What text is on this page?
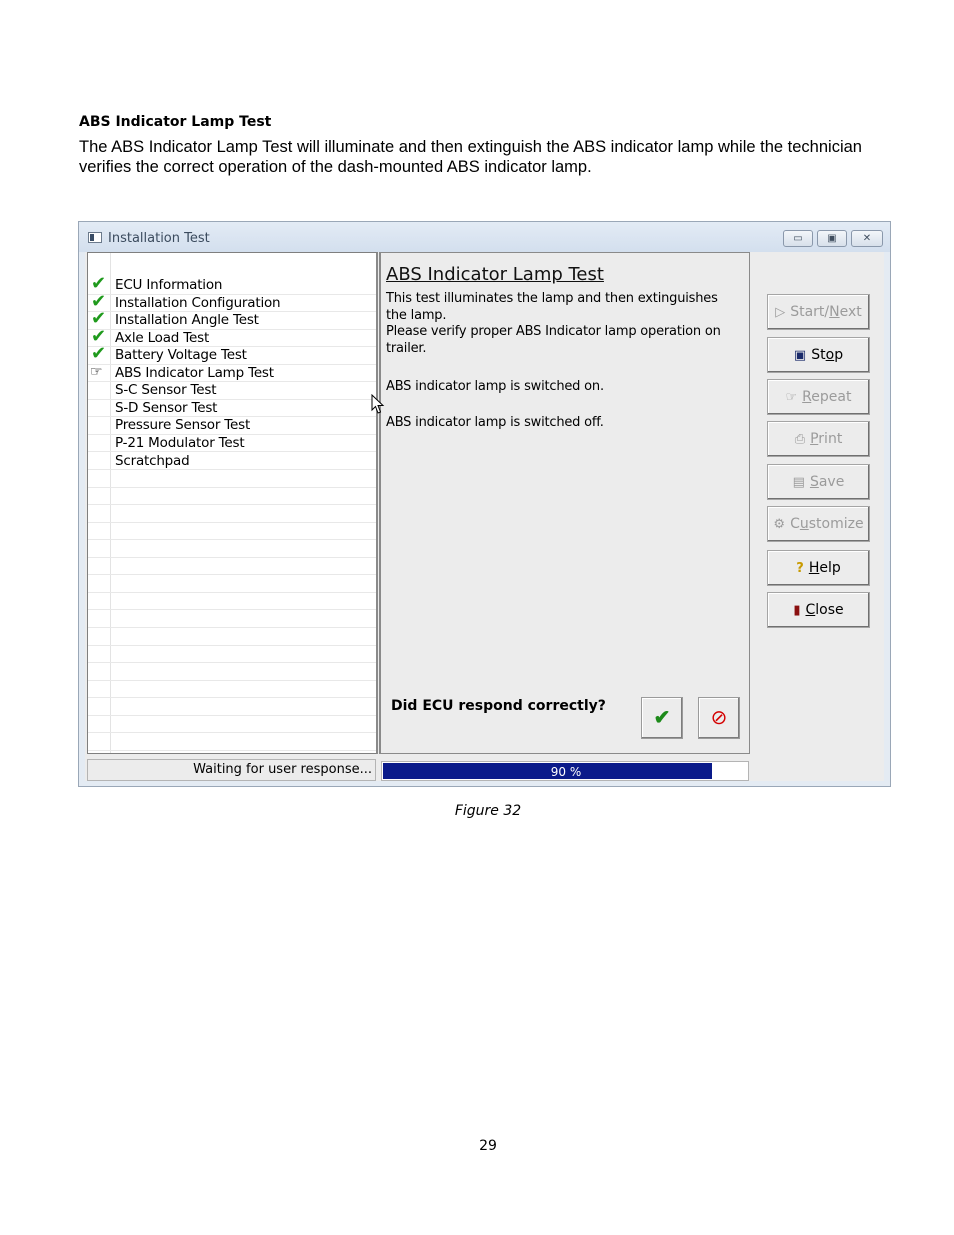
ABS Indicator Lamp Test
The ABS Indicator Lamp Test will illuminate and then extinguish the ABS indicator lamp while the technician verifies the correct operation of the dash-mounted ABS indicator lamp.
Installation Test	▭	▣	✕
✔ ECU Information
✔ Installation Configuration
✔ Installation Angle Test
✔ Axle Load Test
✔ Battery Voltage Test
☞ ABS Indicator Lamp Test
S-C Sensor Test
S-D Sensor Test
Pressure Sensor Test
P-21 Modulator Test
Scratchpad
ABS Indicator Lamp Test
This test illuminates the lamp and then extinguishes the lamp.
Please verify proper ABS Indicator lamp operation on trailer.
ABS indicator lamp is switched on.
ABS indicator lamp is switched off.
Did ECU respond correctly?
✔	⊘
▷ Start/Next
▣ Stop
☞ Repeat
⎙ Print
▤ Save
⚙ Customize
? Help
▮ Close
Waiting for user response...	90 %
Figure 32
29
